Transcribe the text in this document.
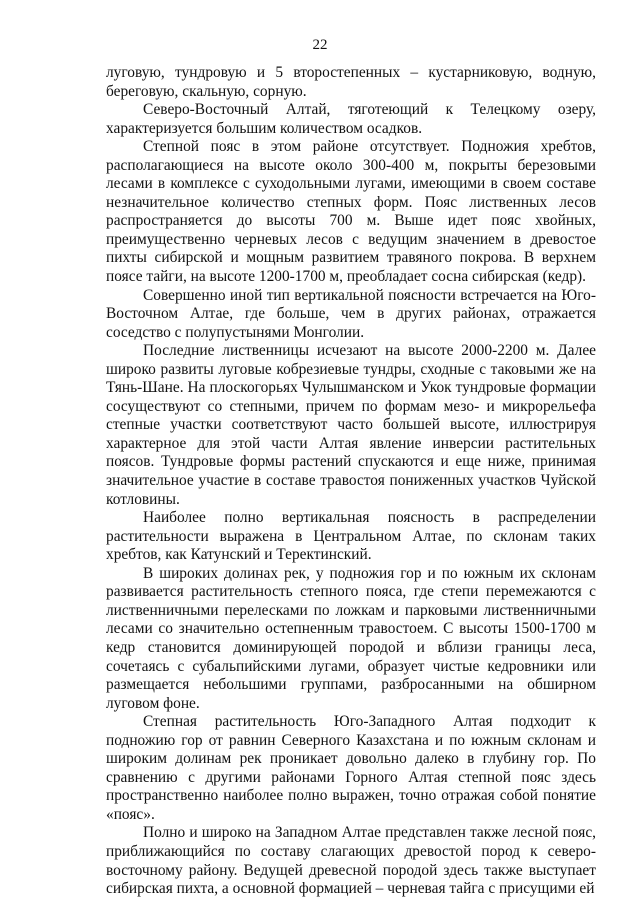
22

луговую, тундровую и 5 второстепенных – кустарниковую, водную, береговую, скальную, сорную.

Северо-Восточный Алтай, тяготеющий к Телецкому озеру, характеризуется большим количеством осадков.

Степной пояс в этом районе отсутствует. Подножия хребтов, располагающиеся на высоте около 300-400 м, покрыты березовыми лесами в комплексе с суходольными лугами, имеющими в своем составе незначительное количество степных форм. Пояс лиственных лесов распространяется до высоты 700 м. Выше идет пояс хвойных, преимущественно черневых лесов с ведущим значением в древостое пихты сибирской и мощным развитием травяного покрова. В верхнем поясе тайги, на высоте 1200-1700 м, преобладает сосна сибирская (кедр).

Совершенно иной тип вертикальной поясности встречается на Юго-Восточном Алтае, где больше, чем в других районах, отражается соседство с полупустынями Монголии.

Последние лиственницы исчезают на высоте 2000-2200 м. Далее широко развиты луговые кобрезиевые тундры, сходные с таковыми же на Тянь-Шане. На плоскогорьях Чулышманском и Укок тундровые формации сосуществуют со степными, причем по формам мезо- и микрорельефа степные участки соответствуют часто большей высоте, иллюстрируя характерное для этой части Алтая явление инверсии растительных поясов. Тундровые формы растений спускаются и еще ниже, принимая значительное участие в составе травостоя пониженных участков Чуйской котловины.

Наиболее полно вертикальная поясность в распределении растительности выражена в Центральном Алтае, по склонам таких хребтов, как Катунский и Теректинский.

В широких долинах рек, у подножия гор и по южным их склонам развивается растительность степного пояса, где степи перемежаются с лиственничными перелесками по ложкам и парковыми лиственничными лесами со значительно остепненным травостоем. С высоты 1500-1700 м кедр становится доминирующей породой и вблизи границы леса, сочетаясь с субальпийскими лугами, образует чистые кедровники или размещается небольшими группами, разбросанными на обширном луговом фоне.

Степная растительность Юго-Западного Алтая подходит к подножию гор от равнин Северного Казахстана и по южным склонам и широким долинам рек проникает довольно далеко в глубину гор. По сравнению с другими районами Горного Алтая степной пояс здесь пространственно наиболее полно выражен, точно отражая собой понятие «пояс».

Полно и широко на Западном Алтае представлен также лесной пояс, приближающийся по составу слагающих древостой пород к северо-восточному району. Ведущей древесной породой здесь также выступает сибирская пихта, а основной формацией – черневая тайга с присущими ей
